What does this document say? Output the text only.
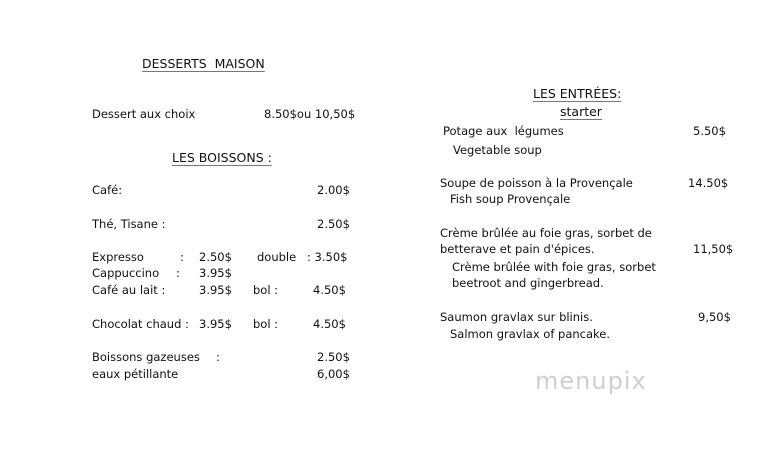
DESSERTS  MAISON
Dessert aux choix	8.50$ou 10,50$
LES BOISSONS :
Café:	2.00$
Thé, Tisane :	2.50$
Expresso	: 2.50$ double : 3.50$
Cappuccino : 3.95$
Café au lait :	3.95$ bol :	4.50$
Chocolat chaud : 3.95$ bol :	4.50$
Boissons gazeuses :	2.50$
eaux pétillante	6,00$
LES ENTRÉES:
starter
Potage aux  légumes	5.50$
Vegetable soup
Soupe de poisson à la Provençale	14.50$
Fish soup Provençale
Crème brûlée au foie gras, sorbet de
betterave et pain d'épices.	11,50$
Crème brûlée with foie gras, sorbet
beetroot and gingerbread.
Saumon gravlax sur blinis.	9,50$
Salmon gravlax of pancake.
menupix
